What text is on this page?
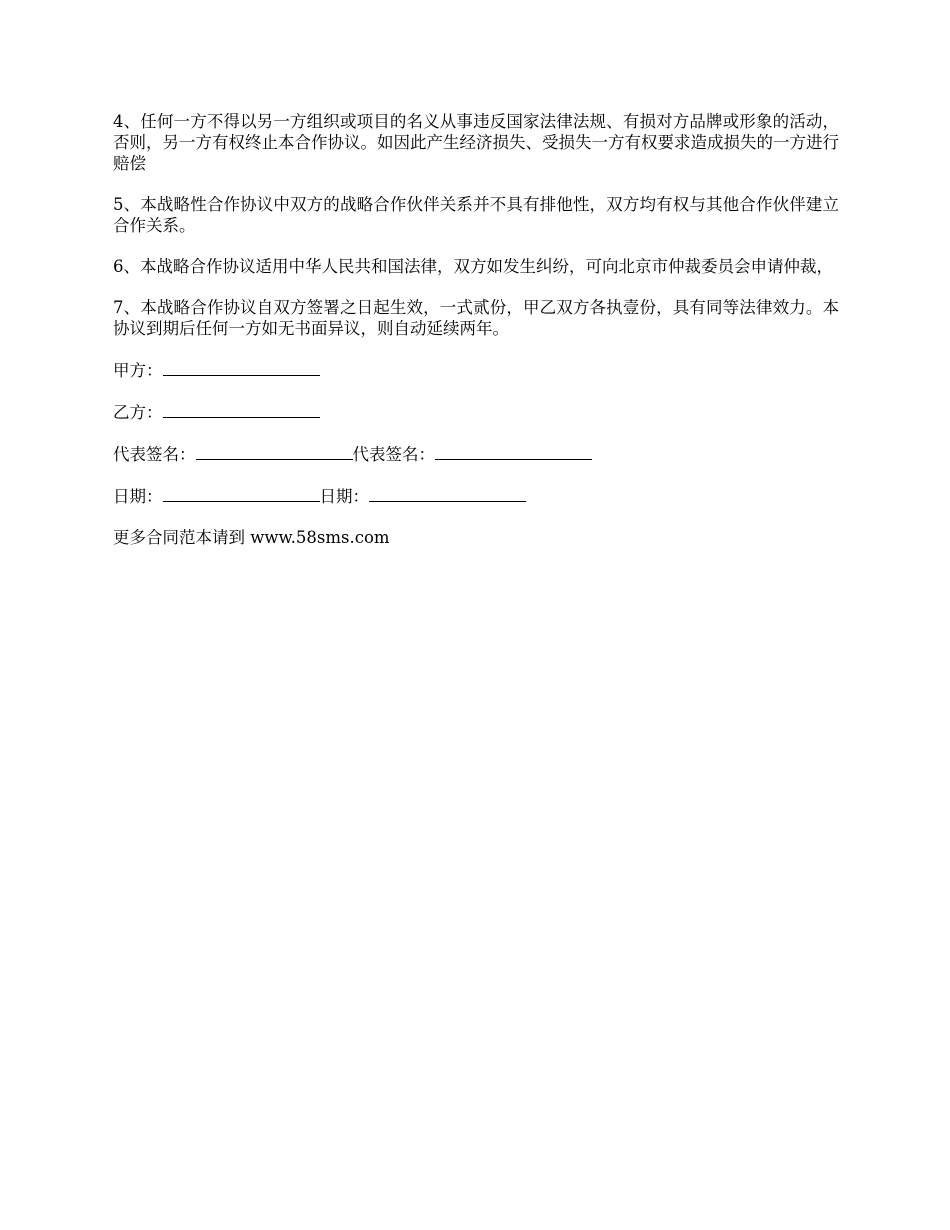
4、任何一方不得以另一方组织或项目的名义从事违反国家法律法规、有损对方品牌或形象的活动，否则，另一方有权终止本合作协议。如因此产生经济损失、受损失一方有权要求造成损失的一方进行赔偿

5、本战略性合作协议中双方的战略合作伙伴关系并不具有排他性，双方均有权与其他合作伙伴建立合作关系。

6、本战略合作协议适用中华人民共和国法律，双方如发生纠纷，可向北京市仲裁委员会申请仲裁，

7、本战略合作协议自双方签署之日起生效，一式贰份，甲乙双方各执壹份，具有同等法律效力。本协议到期后任何一方如无书面异议，则自动延续两年。

甲方：
乙方：
代表签名：	代表签名：
日期：	日期：

更多合同范本请到 www.58sms.com
